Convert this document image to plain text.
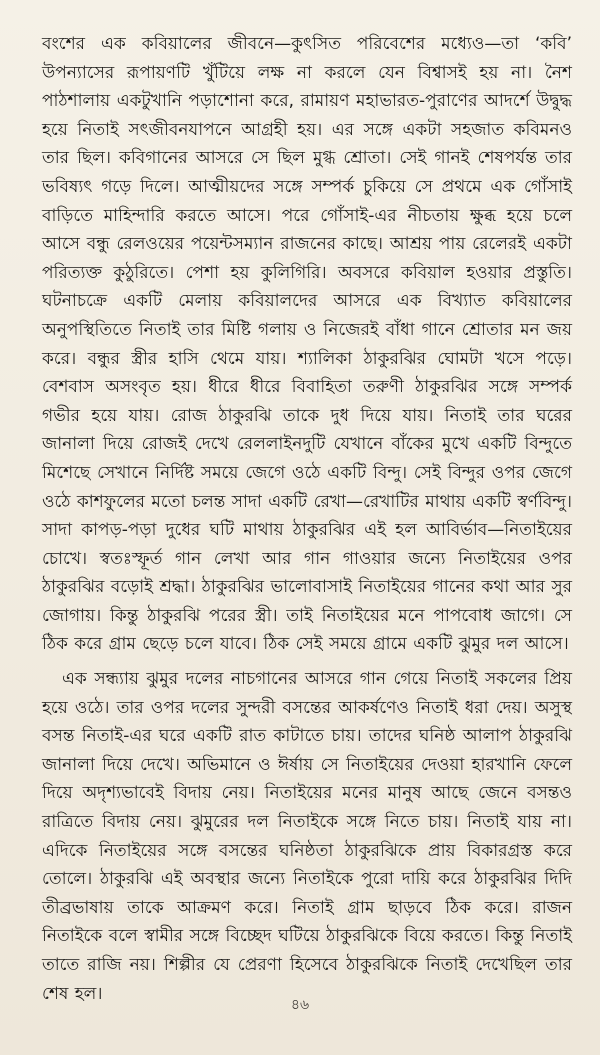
বংশের এক কবিয়ালের জীবনে—কুৎসিত পরিবেশের মধ্যেও—তা ‘কবি’ উপন্যাসের রূপায়ণটি খুঁটিয়ে লক্ষ না করলে যেন বিশ্বাসই হয় না। নৈশ পাঠশালায় একটুখানি পড়াশোনা করে, রামায়ণ মহাভারত-পুরাণের আদর্শে উদ্বুদ্ধ হয়ে নিতাই সৎজীবনযাপনে আগ্রহী হয়। এর সঙ্গে একটা সহজাত কবিমনও তার ছিল। কবিগানের আসরে সে ছিল মুগ্ধ শ্রোতা। সেই গানই শেষপর্যন্ত তার ভবিষ্যৎ গড়ে দিলে। আত্মীয়দের সঙ্গে সম্পর্ক চুকিয়ে সে প্রথমে এক গোঁসাই বাড়িতে মাহিন্দারি করতে আসে। পরে গোঁসাই-এর নীচতায় ক্ষুব্ধ হয়ে চলে আসে বন্ধু রেলওয়ের পয়েন্টসম্যান রাজনের কাছে। আশ্রয় পায় রেলেরই একটা পরিত্যক্ত কুঠুরিতে। পেশা হয় কুলিগিরি। অবসরে কবিয়াল হওয়ার প্রস্তুতি। ঘটনাচক্রে একটি মেলায় কবিয়ালদের আসরে এক বিখ্যাত কবিয়ালের অনুপস্থিতিতে নিতাই তার মিষ্টি গলায় ও নিজেরই বাঁধা গানে শ্রোতার মন জয় করে। বন্ধুর স্ত্রীর হাসি থেমে যায়। শ্যালিকা ঠাকুরঝির ঘোমটা খসে পড়ে। বেশবাস অসংবৃত হয়। ধীরে ধীরে বিবাহিতা তরুণী ঠাকুরঝির সঙ্গে সম্পর্ক গভীর হয়ে যায়। রোজ ঠাকুরঝি তাকে দুধ দিয়ে যায়। নিতাই তার ঘরের জানালা দিয়ে রোজই দেখে রেললাইনদুটি যেখানে বাঁকের মুখে একটি বিন্দুতে মিশেছে সেখানে নির্দিষ্ট সময়ে জেগে ওঠে একটি বিন্দু। সেই বিন্দুর ওপর জেগে ওঠে কাশফুলের মতো চলন্ত সাদা একটি রেখা—রেখাটির মাথায় একটি স্বর্ণবিন্দু। সাদা কাপড়-পড়া দুধের ঘটি মাথায় ঠাকুরঝির এই হল আবির্ভাব—নিতাইয়ের চোখে। স্বতঃস্ফূর্ত গান লেখা আর গান গাওয়ার জন্যে নিতাইয়ের ওপর ঠাকুরঝির বড়োই শ্রদ্ধা। ঠাকুরঝির ভালোবাসাই নিতাইয়ের গানের কথা আর সুর জোগায়। কিন্তু ঠাকুরঝি পরের স্ত্রী। তাই নিতাইয়ের মনে পাপবোধ জাগে। সে ঠিক করে গ্রাম ছেড়ে চলে যাবে। ঠিক সেই সময়ে গ্রামে একটি ঝুমুর দল আসে।

এক সন্ধ্যায় ঝুমুর দলের নাচগানের আসরে গান গেয়ে নিতাই সকলের প্রিয় হয়ে ওঠে। তার ওপর দলের সুন্দরী বসন্তের আকর্ষণেও নিতাই ধরা দেয়। অসুস্থ বসন্ত নিতাই-এর ঘরে একটি রাত কাটাতে চায়। তাদের ঘনিষ্ঠ আলাপ ঠাকুরঝি জানালা দিয়ে দেখে। অভিমানে ও ঈর্ষায় সে নিতাইয়ের দেওয়া হারখানি ফেলে দিয়ে অদৃশ্যভাবেই বিদায় নেয়। নিতাইয়ের মনের মানুষ আছে জেনে বসন্তও রাত্রিতে বিদায় নেয়। ঝুমুরের দল নিতাইকে সঙ্গে নিতে চায়। নিতাই যায় না। এদিকে নিতাইয়ের সঙ্গে বসন্তের ঘনিষ্ঠতা ঠাকুরঝিকে প্রায় বিকারগ্রস্ত করে তোলে। ঠাকুরঝি এই অবস্থার জন্যে নিতাইকে পুরো দায়ি করে ঠাকুরঝির দিদি তীব্রভাষায় তাকে আক্রমণ করে। নিতাই গ্রাম ছাড়বে ঠিক করে। রাজন নিতাইকে বলে স্বামীর সঙ্গে বিচ্ছেদ ঘটিয়ে ঠাকুরঝিকে বিয়ে করতে। কিন্তু নিতাই তাতে রাজি নয়। শিল্পীর যে প্রেরণা হিসেবে ঠাকুরঝিকে নিতাই দেখেছিল তার শেষ হল।

৪৬
